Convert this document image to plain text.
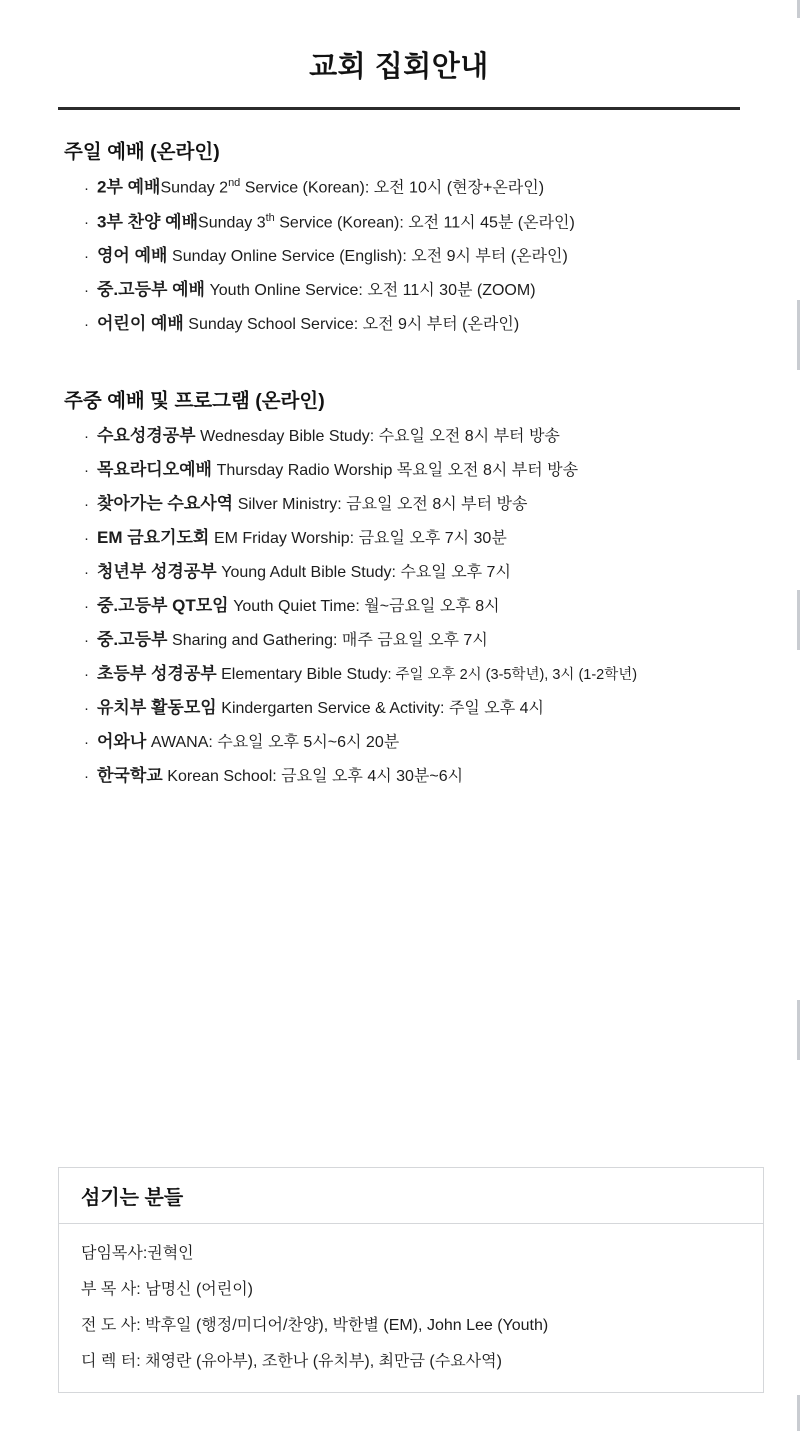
교회 집회안내
주일 예배 (온라인)
· 2부 예배Sunday 2nd Service (Korean): 오전 10시 (현장+온라인)
· 3부 찬양 예배Sunday 3th Service (Korean): 오전 11시 45분 (온라인)
· 영어 예배 Sunday Online Service (English): 오전 9시 부터 (온라인)
· 중.고등부 예배 Youth Online Service: 오전 11시 30분 (ZOOM)
· 어린이 예배 Sunday School Service: 오전 9시 부터 (온라인)
주중 예배 및 프로그램 (온라인)
· 수요성경공부 Wednesday Bible Study: 수요일 오전 8시 부터 방송
· 목요라디오예배 Thursday Radio Worship 목요일 오전 8시 부터 방송
· 찾아가는 수요사역 Silver Ministry: 금요일 오전 8시 부터 방송
· EM 금요기도회 EM Friday Worship: 금요일 오후 7시 30분
· 청년부 성경공부 Young Adult Bible Study: 수요일 오후 7시
· 중.고등부 QT모임 Youth Quiet Time: 월~금요일 오후 8시
· 중.고등부 Sharing and Gathering: 매주 금요일 오후 7시
· 초등부 성경공부 Elementary Bible Study: 주일 오후 2시 (3-5학년), 3시 (1-2학년)
· 유치부 활동모임 Kindergarten Service & Activity: 주일 오후 4시
· 어와나 AWANA: 수요일 오후 5시~6시 20분
· 한국학교 Korean School: 금요일 오후 4시 30분~6시
섬기는 분들
담임목사:권혁인
부 목 사: 남명신 (어린이)
전 도 사: 박후일 (행정/미디어/찬양), 박한별 (EM), John Lee (Youth)
디 렉 터: 채영란 (유아부), 조한나 (유치부), 최만금 (수요사역)
